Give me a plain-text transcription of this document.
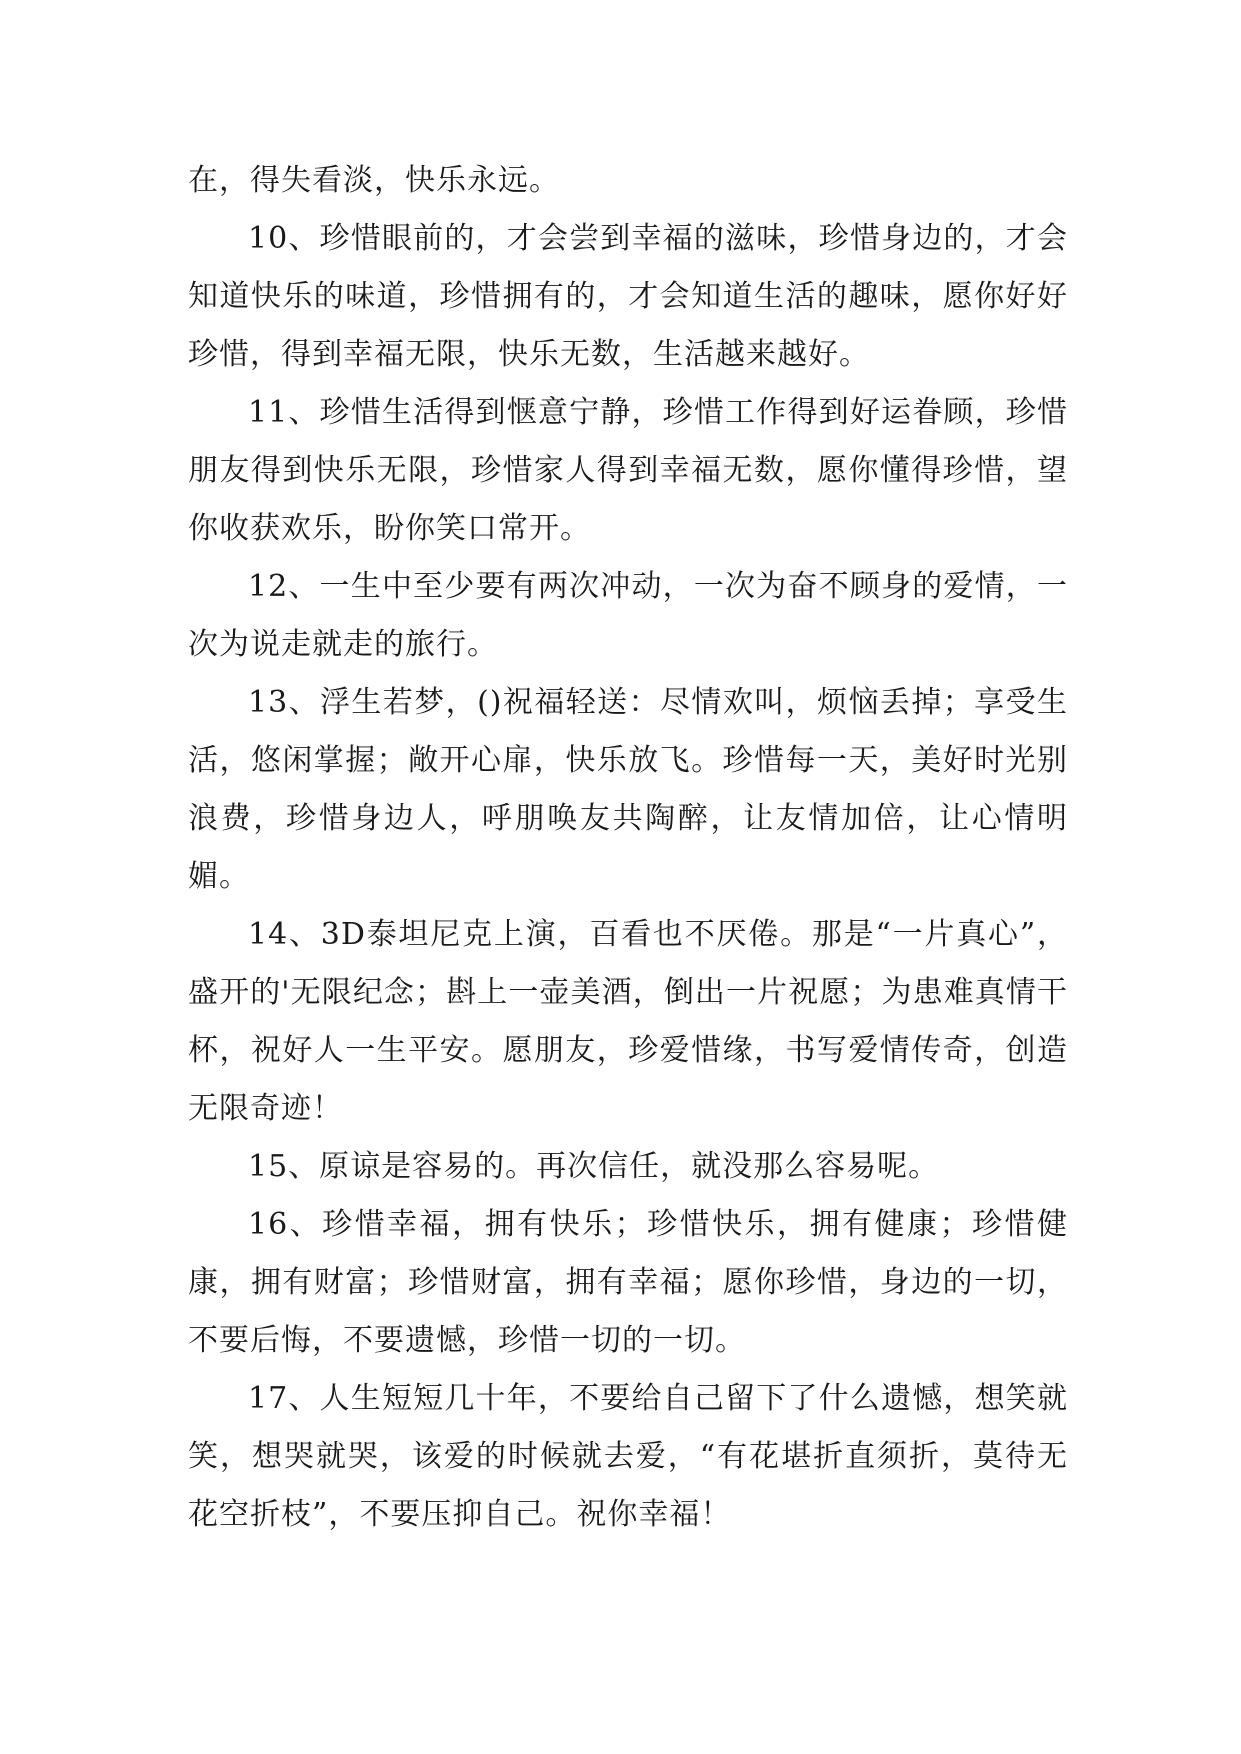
在，得失看淡，快乐永远。

10、珍惜眼前的，才会尝到幸福的滋味，珍惜身边的，才会知道快乐的味道，珍惜拥有的，才会知道生活的趣味，愿你好好珍惜，得到幸福无限，快乐无数，生活越来越好。

11、珍惜生活得到惬意宁静，珍惜工作得到好运眷顾，珍惜朋友得到快乐无限，珍惜家人得到幸福无数，愿你懂得珍惜，望你收获欢乐，盼你笑口常开。

12、一生中至少要有两次冲动，一次为奋不顾身的爱情，一次为说走就走的旅行。

13、浮生若梦，()祝福轻送：尽情欢叫，烦恼丢掉；享受生活，悠闲掌握；敞开心扉，快乐放飞。珍惜每一天，美好时光别浪费，珍惜身边人，呼朋唤友共陶醉，让友情加倍，让心情明媚。

14、3D泰坦尼克上演，百看也不厌倦。那是“一片真心”，盛开的'无限纪念；斟上一壶美酒，倒出一片祝愿；为患难真情干杯，祝好人一生平安。愿朋友，珍爱惜缘，书写爱情传奇，创造无限奇迹！

15、原谅是容易的。再次信任，就没那么容易呢。

16、珍惜幸福，拥有快乐；珍惜快乐，拥有健康；珍惜健康，拥有财富；珍惜财富，拥有幸福；愿你珍惜，身边的一切，不要后悔，不要遗憾，珍惜一切的一切。

17、人生短短几十年，不要给自己留下了什么遗憾，想笑就笑，想哭就哭，该爱的时候就去爱，“有花堪折直须折，莫待无花空折枝”，不要压抑自己。祝你幸福！
